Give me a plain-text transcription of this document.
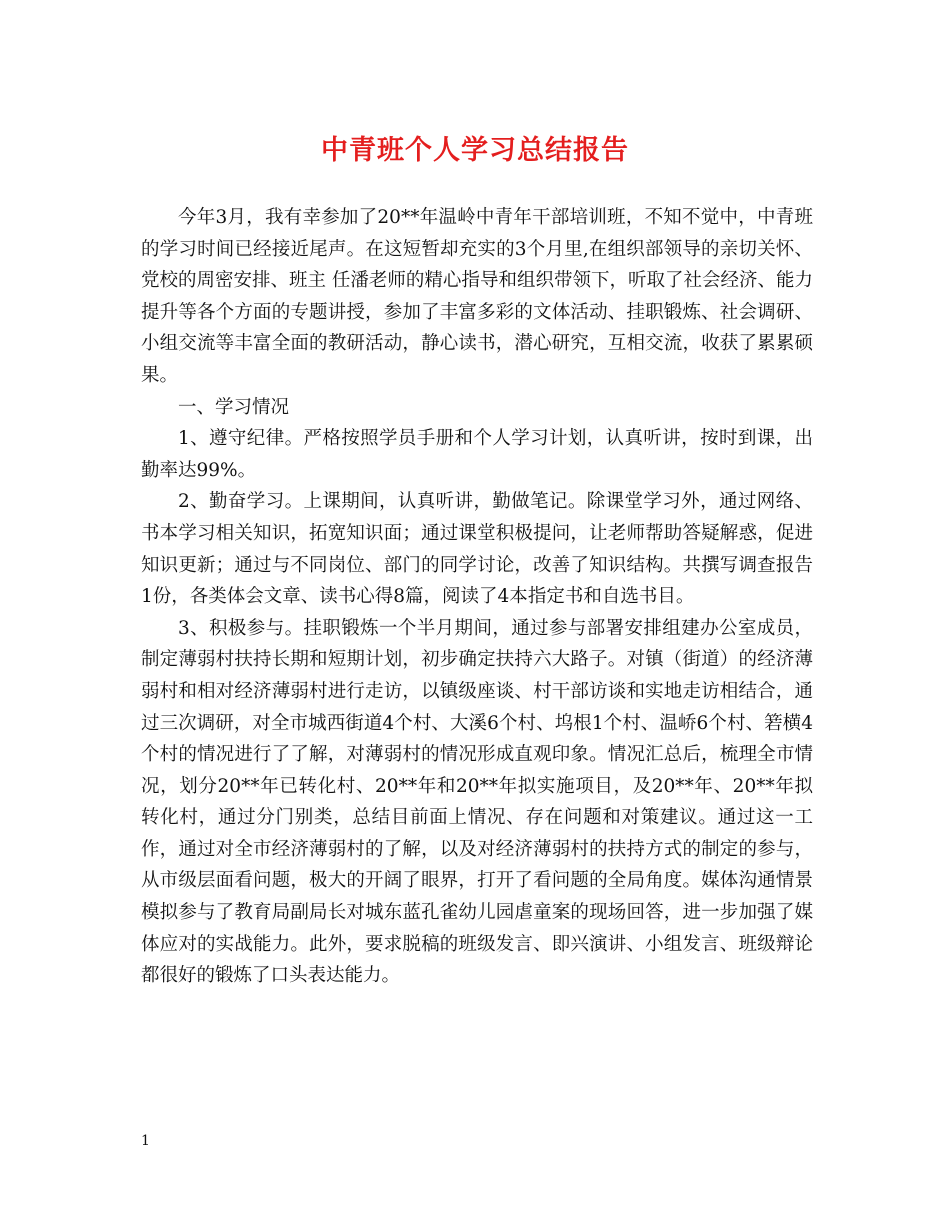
中青班个人学习总结报告

今年3月，我有幸参加了20**年温岭中青年干部培训班，不知不觉中，中青班的学习时间已经接近尾声。在这短暂却充实的3个月里,在组织部领导的亲切关怀、党校的周密安排、班主 任潘老师的精心指导和组织带领下，听取了社会经济、能力提升等各个方面的专题讲授，参加了丰富多彩的文体活动、挂职锻炼、社会调研、小组交流等丰富全面的教研活动，静心读书，潜心研究，互相交流，收获了累累硕果。

一、学习情况

1、遵守纪律。严格按照学员手册和个人学习计划，认真听讲，按时到课，出勤率达99%。

2、勤奋学习。上课期间，认真听讲，勤做笔记。除课堂学习外，通过网络、书本学习相关知识，拓宽知识面；通过课堂积极提问，让老师帮助答疑解惑，促进知识更新；通过与不同岗位、部门的同学讨论，改善了知识结构。共撰写调查报告1份，各类体会文章、读书心得8篇，阅读了4本指定书和自选书目。

3、积极参与。挂职锻炼一个半月期间，通过参与部署安排组建办公室成员，制定薄弱村扶持长期和短期计划，初步确定扶持六大路子。对镇（街道）的经济薄弱村和相对经济薄弱村进行走访，以镇级座谈、村干部访谈和实地走访相结合，通过三次调研，对全市城西街道4个村、大溪6个村、坞根1个村、温峤6个村、箬横4个村的情况进行了了解，对薄弱村的情况形成直观印象。情况汇总后，梳理全市情况，划分20**年已转化村、20**年和20**年拟实施项目，及20**年、20**年拟转化村，通过分门别类，总结目前面上情况、存在问题和对策建议。通过这一工作，通过对全市经济薄弱村的了解，以及对经济薄弱村的扶持方式的制定的参与，从市级层面看问题，极大的开阔了眼界，打开了看问题的全局角度。媒体沟通情景模拟参与了教育局副局长对城东蓝孔雀幼儿园虐童案的现场回答，进一步加强了媒体应对的实战能力。此外，要求脱稿的班级发言、即兴演讲、小组发言、班级辩论都很好的锻炼了口头表达能力。

1
